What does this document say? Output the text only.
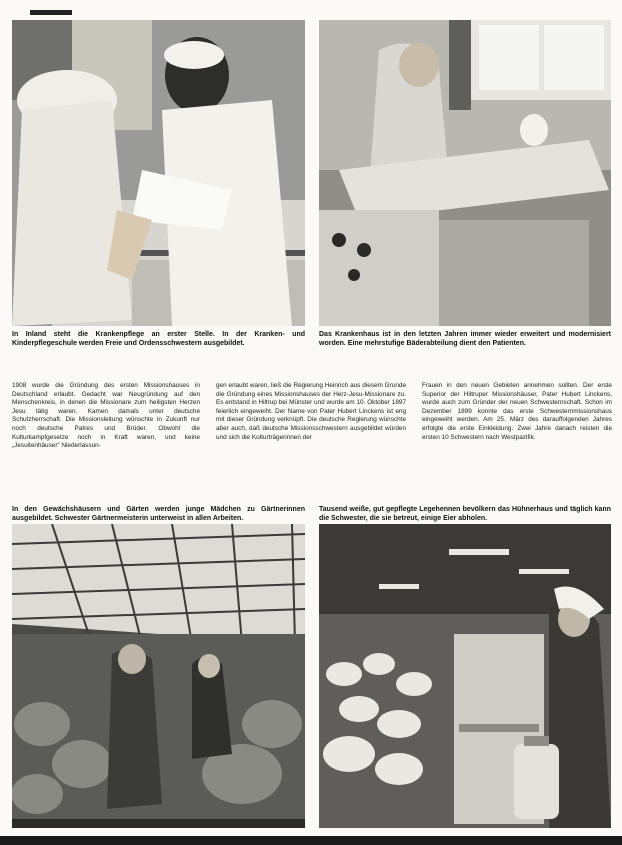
In Inland steht die Krankenpflege an erster Stelle. In der Kranken- und Kinderpflegeschule werden Freie und Ordensschwestern ausgebildet.

Das Krankenhaus ist in den letzten Jahren immer wieder erweitert und modernisiert worden. Eine mehrstufige Bäderabteilung dient den Patienten.

1908 wurde die Gründung des ersten Missionshauses in Deutschland erlaubt. Gedacht war Neugründung auf den Menschenkreis, in denen die Missionare zum heiligsten Herzen Jesu tätig waren. Kamen damals unter deutsche Schutzherrschaft. Die Missionsleitung wünschte in Zukunft nur noch deutsche Patres und Brüder. Obwohl die Kulturkampfgesetze noch in Kraft waren, und keine „Jesuitenhäuser“ Niederlassun-

gen erlaubt waren, ließ die Regierung Heinrich aus diesem Grunde die Gründung eines Missionshauses der Herz-Jesu-Missionare zu. Es entstand in Hiltrup bei Münster und wurde am 10. Oktober 1897 feierlich eingeweiht. Der Name von Pater Hubert Linckens ist eng mit dieser Gründung verknüpft. Die deutsche Regierung wünschte aber auch, daß deutsche Missionsschwestern ausgebildet würden und sich die Kulturträgerinnen der

Frauen in den neuen Gebieten annehmen sollten. Der erste Superior der Hiltruper Missionshäuser, Pater Hubert Linckens, wurde auch zum Gründer der neuen Schwesternschaft. Schon im Dezember 1899 konnte das erste Schwesternmissionshaus eingeweiht werden. Am 25. März des darauffolgenden Jahres erfolgte die erste Einkleidung. Zwei Jahre danach reisten die ersten 10 Schwestern nach Westpazifik.

In den Gewächshäusern und Gärten werden junge Mädchen zu Gärtnerinnen ausgebildet. Schwester Gärtnermeisterin unterweist in allen Arbeiten.

Tausend weiße, gut gepflegte Legehennen bevölkern das Hühnerhaus und täglich kann die Schwester, die sie betreut, einige Eier abholen.
